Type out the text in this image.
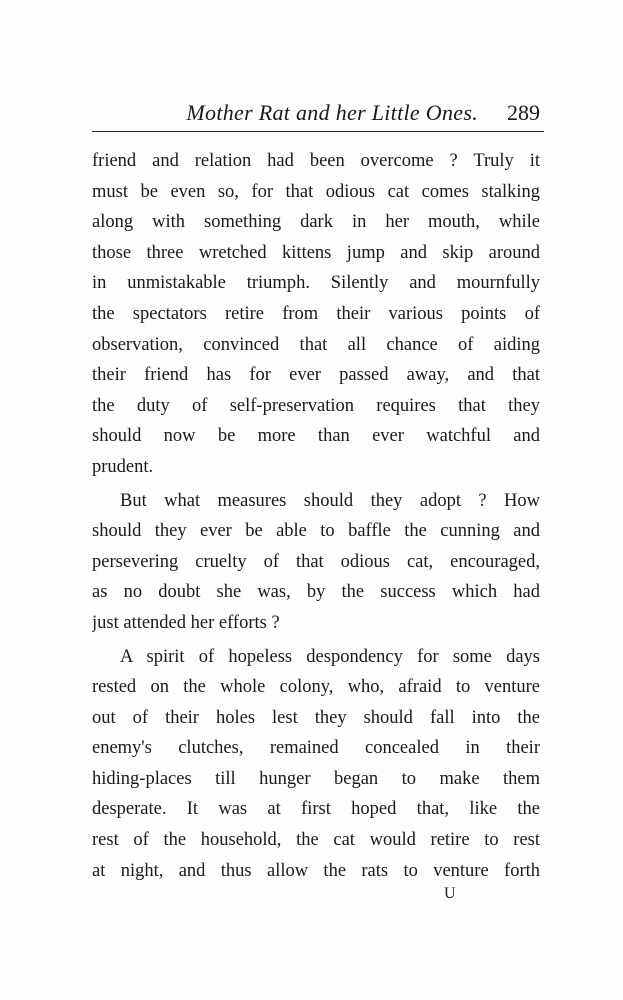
Mother Rat and her Little Ones. 289
friend and relation had been overcome ? Truly it
must be even so, for that odious cat comes stalking
along with something dark in her mouth, while
those three wretched kittens jump and skip around
in unmistakable triumph. Silently and mournfully
the spectators retire from their various points of
observation, convinced that all chance of aiding
their friend has for ever passed away, and that
the duty of self-preservation requires that they
should now be more than ever watchful and
prudent.
But what measures should they adopt ? How
should they ever be able to baffle the cunning and
persevering cruelty of that odious cat, encouraged,
as no doubt she was, by the success which had
just attended her efforts ?
A spirit of hopeless despondency for some days
rested on the whole colony, who, afraid to venture
out of their holes lest they should fall into the
enemy's clutches, remained concealed in their
hiding-places till hunger began to make them
desperate. It was at first hoped that, like the
rest of the household, the cat would retire to rest
at night, and thus allow the rats to venture forth
U
